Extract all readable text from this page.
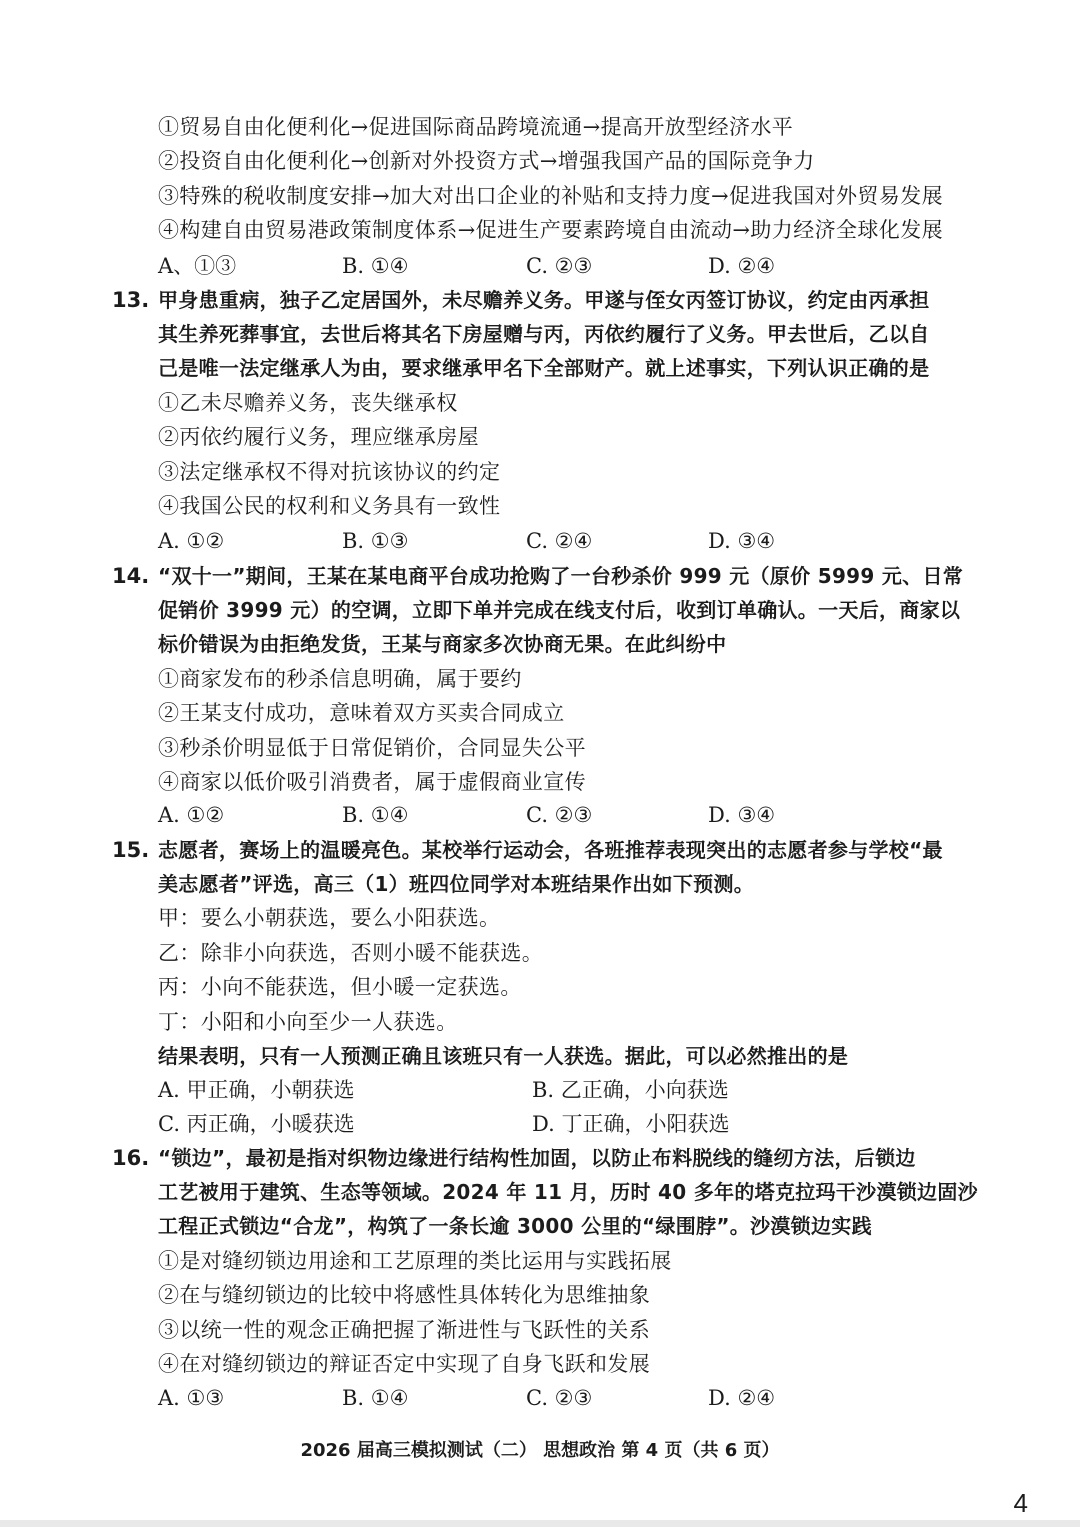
①贸易自由化便利化→促进国际商品跨境流通→提高开放型经济水平
②投资自由化便利化→创新对外投资方式→增强我国产品的国际竞争力
③特殊的税收制度安排→加大对出口企业的补贴和支持力度→促进我国对外贸易发展
④构建自由贸易港政策制度体系→促进生产要素跨境自由流动→助力经济全球化发展
A、①③	B. ①④	C. ②③	D. ②④
13. 甲身患重病，独子乙定居国外，未尽赡养义务。甲遂与侄女丙签订协议，约定由丙承担
其生养死葬事宜，去世后将其名下房屋赠与丙，丙依约履行了义务。甲去世后，乙以自
己是唯一法定继承人为由，要求继承甲名下全部财产。就上述事实，下列认识正确的是
①乙未尽赡养义务，丧失继承权
②丙依约履行义务，理应继承房屋
③法定继承权不得对抗该协议的约定
④我国公民的权利和义务具有一致性
A. ①②	B. ①③	C. ②④	D. ③④
14. “双十一”期间，王某在某电商平台成功抢购了一台秒杀价 999 元（原价 5999 元、日常
促销价 3999 元）的空调，立即下单并完成在线支付后，收到订单确认。一天后，商家以
标价错误为由拒绝发货，王某与商家多次协商无果。在此纠纷中
①商家发布的秒杀信息明确，属于要约
②王某支付成功，意味着双方买卖合同成立
③秒杀价明显低于日常促销价，合同显失公平
④商家以低价吸引消费者，属于虚假商业宣传
A. ①②	B. ①④	C. ②③	D. ③④
15. 志愿者，赛场上的温暖亮色。某校举行运动会，各班推荐表现突出的志愿者参与学校“最
美志愿者”评选，高三（1）班四位同学对本班结果作出如下预测。
甲：要么小朝获选，要么小阳获选。
乙：除非小向获选，否则小暖不能获选。
丙：小向不能获选，但小暖一定获选。
丁：小阳和小向至少一人获选。
结果表明，只有一人预测正确且该班只有一人获选。据此，可以必然推出的是
A. 甲正确，小朝获选	B. 乙正确，小向获选
C. 丙正确，小暖获选	D. 丁正确，小阳获选
16. “锁边”，最初是指对织物边缘进行结构性加固，以防止布料脱线的缝纫方法，后锁边
工艺被用于建筑、生态等领域。2024 年 11 月，历时 40 多年的塔克拉玛干沙漠锁边固沙
工程正式锁边“合龙”，构筑了一条长逾 3000 公里的“绿围脖”。沙漠锁边实践
①是对缝纫锁边用途和工艺原理的类比运用与实践拓展
②在与缝纫锁边的比较中将感性具体转化为思维抽象
③以统一性的观念正确把握了渐进性与飞跃性的关系
④在对缝纫锁边的辩证否定中实现了自身飞跃和发展
A. ①③	B. ①④	C. ②③	D. ②④
2026 届高三模拟测试（二） 思想政治 第 4 页（共 6 页）
4
